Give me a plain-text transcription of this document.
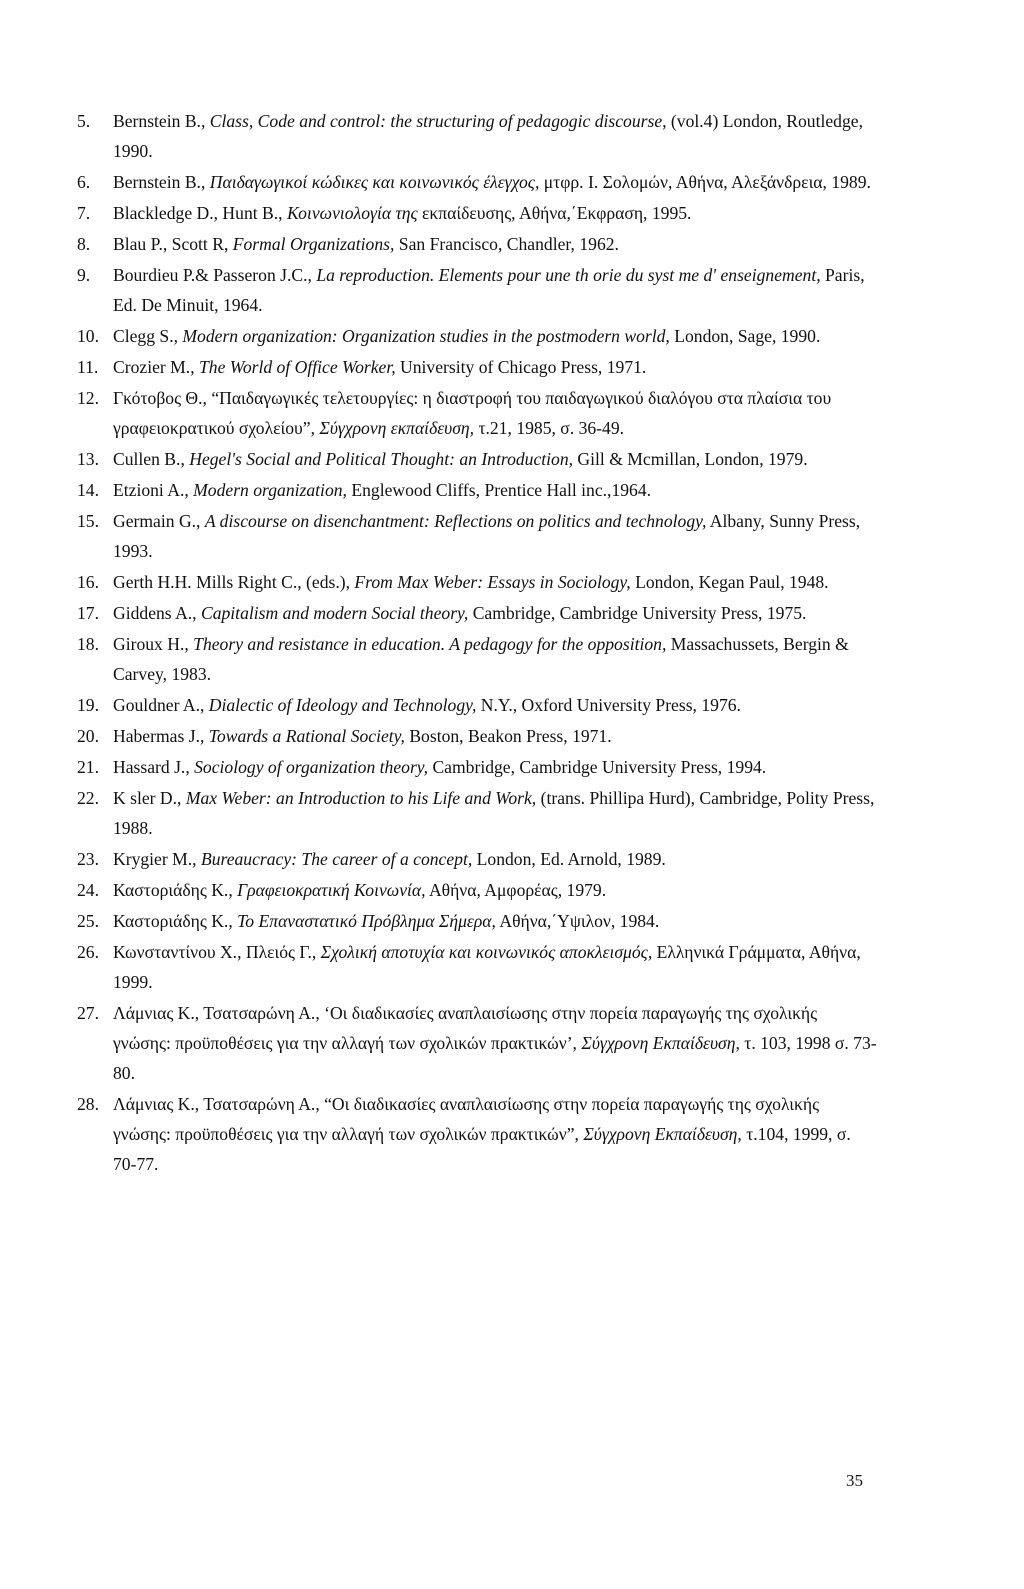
5.	Bernstein B., Class, Code and control: the structuring of pedagogic discourse, (vol.4) London, Routledge, 1990.
6.	Bernstein B., Παιδαγωγικοί κώδικες και κοινωνικός έλεγχος, μτφρ. Ι. Σολομών, Αθήνα, Αλεξάνδρεια, 1989.
7.	Blackledge D., Hunt B., Κοινωνιολογία της εκπαίδευσης, Αθήνα,΄Εκφραση, 1995.
8.	Blau P., Scott R, Formal Organizations, San Francisco, Chandler, 1962.
9.	Bourdieu P.& Passeron J.C., La reproduction. Elements pour une th orie du syst me d' enseignement, Paris, Ed. De Minuit, 1964.
10. Clegg S., Modern organization: Organization studies in the postmodern world, London, Sage, 1990.
11. Crozier M., The World of Office Worker, University of Chicago Press, 1971.
12. Γκότοβος Θ., “Παιδαγωγικές τελετουργίες: η διαστροφή του παιδαγωγικού διαλόγου στα πλαίσια του γραφειοκρατικού σχολείου”, Σύγχρονη εκπαίδευση, τ.21, 1985, σ. 36-49.
13. Cullen B., Hegel's Social and Political Thought: an Introduction, Gill & Mcmillan, London, 1979.
14. Etzioni A., Modern organization, Englewood Cliffs, Prentice Hall inc.,1964.
15. Germain G., A discourse on disenchantment: Reflections on politics and technology, Albany, Sunny Press, 1993.
16. Gerth H.H. Mills Right C., (eds.), From Max Weber: Essays in Sociology, London, Kegan Paul, 1948.
17. Giddens A., Capitalism and modern Social theory, Cambridge, Cambridge University Press, 1975.
18. Giroux H., Theory and resistance in education. A pedagogy for the opposition, Massachussets, Bergin & Carvey, 1983.
19. Gouldner A., Dialectic of Ideology and Technology, N.Y., Oxford University Press, 1976.
20. Habermas J., Towards a Rational Society, Boston, Beakon Press, 1971.
21. Hassard J., Sociology of organization theory, Cambridge, Cambridge University Press, 1994.
22. K sler D., Max Weber: an Introduction to his Life and Work, (trans. Phillipa Hurd), Cambridge, Polity Press, 1988.
23. Krygier M., Bureaucracy: The career of a concept, London, Ed. Arnold, 1989.
24. Καστοριάδης Κ., Γραφειοκρατική Κοινωνία, Αθήνα, Αμφορέας, 1979.
25. Καστοριάδης Κ., Το Επαναστατικό Πρόβλημα Σήμερα, Αθήνα,΄Υψιλον, 1984.
26. Κωνσταντίνου Χ., Πλειός Γ., Σχολική αποτυχία και κοινωνικός αποκλεισμός, Ελληνικά Γράμματα, Αθήνα, 1999.
27. Λάμνιας Κ., Τσατσαρώνη Α., ‘Οι διαδικασίες αναπλαισίωσης στην πορεία παραγωγής της σχολικής γνώσης: προϋποθέσεις για την αλλαγή των σχολικών πρακτικών’, Σύγχρονη Εκπαίδευση, τ. 103, 1998 σ. 73-80.
28. Λάμνιας Κ., Τσατσαρώνη Α., “Οι διαδικασίες αναπλαισίωσης στην πορεία παραγωγής της σχολικής γνώσης: προϋποθέσεις για την αλλαγή των σχολικών πρακτικών”, Σύγχρονη Εκπαίδευση, τ.104, 1999, σ. 70-77.
35
